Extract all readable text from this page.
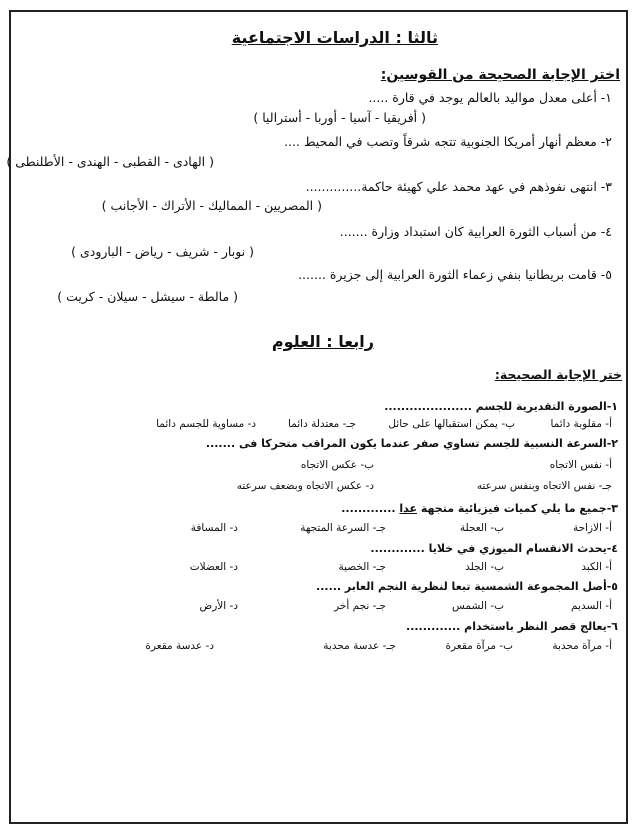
ثالثا : الدراسات الاجتماعية
اختر الإجابة الصحيحة من القوسين:
١- أعلى معدل مواليد بالعالم يوجد في قارة .....
( أفريقيا - آسيا - أوربا - أستراليا )
٢- معظم أنهار أمريكا الجنوبية تتجه شرقاً وتصب في المحيط ....
( الهادى - القطبى - الهندى - الأطلنطى )
٣- انتهى نفوذهم في عهد محمد علي كهيئة حاكمة..............
( المصريين - المماليك - الأتراك - الأجانب )
٤- من أسباب الثورة العرابية كان استبداد وزارة .......
( نوبار - شريف - رياض - البارودى )
٥- قامت بريطانيا بنفي زعماء الثورة العرابية إلى جزيرة .......
( مالطة - سيشل - سيلان - كريت )
رابعا : العلوم
ختر الإجابة الصحيحة:
١-الصورة التقديرية للجسم .....................
أ- مقلوبة دائما
ب- يمكن استقبالها على حائل
جـ- معتدلة دائما
د- مساوية للجسم دائما
٢-السرعة النسبية للجسم تساوي صفر عندما يكون المراقب متحركا فى .......
أ- نفس الاتجاه
ب- عكس الاتجاه
جـ- نفس الاتجاه وبنفس سرعته
د- عكس الاتجاه وبضعف سرعته
٣-جميع ما يلي كميات فيزيائية متجهة عدا .............
أ- الازاحة
ب- العجلة
جـ- السرعة المتجهة
د- المسافة
٤-يحدث الانقسام الميوزي في خلايا .............
أ- الكبد
ب- الجلد
جـ- الخصية
د- العضلات
٥-أصل المجموعة الشمسية تبعا لنظرية النجم العابر ......
أ- السديم
ب- الشمس
جـ- نجم أخر
د- الأرض
٦-يعالج قصر النظر باستخدام .............
أ- مرآة محدبة
ب- مرآة مقعرة
جـ- عدسة محدبة
د- عدسة مقعرة
